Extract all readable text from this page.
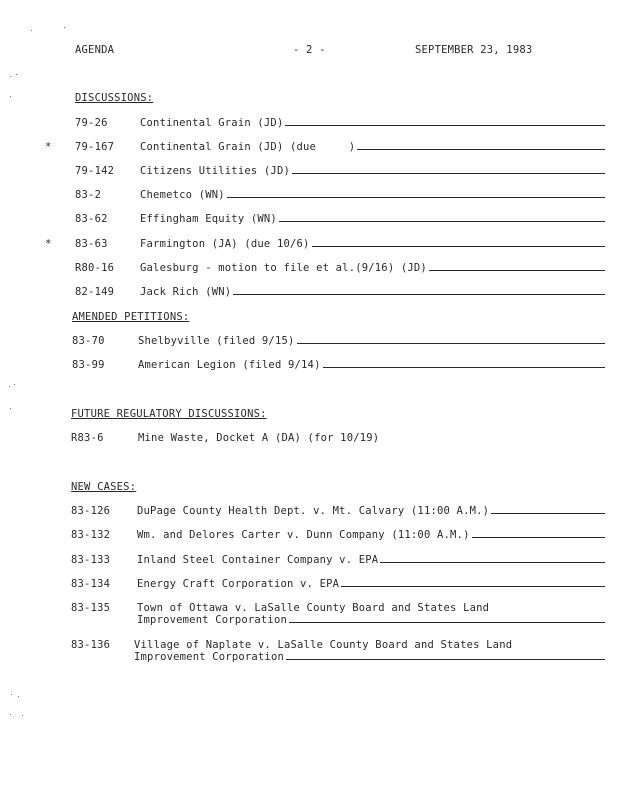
AGENDA	- 2 -	SEPTEMBER 23, 1983
DISCUSSIONS:
79-26	Continental Grain (JD)
* 79-167 Continental Grain (JD) (due     )
79-142 Citizens Utilities (JD)
83-2	Chemetco (WN)
83-62	Effingham Equity (WN)
* 83-63	Farmington (JA) (due 10/6)
R80-16 Galesburg - motion to file et al.(9/16) (JD)
82-149 Jack Rich (WN)
AMENDED PETITIONS:
83-70	Shelbyville (filed 9/15)
83-99	American Legion (filed 9/14)
FUTURE REGULATORY DISCUSSIONS:
R83-6	Mine Waste, Docket A (DA) (for 10/19)
NEW CASES:
83-126	DuPage County Health Dept. v. Mt. Calvary (11:00 A.M.)
83-132	Wm. and Delores Carter v. Dunn Company (11:00 A.M.)
83-133	Inland Steel Container Company v. EPA
83-134	Energy Craft Corporation v. EPA
83-135	Town of Ottawa v. LaSalle County Board and States Land
Improvement Corporation
83-136 Village of Naplate v. LaSalle County Board and States Land
Improvement Corporation
